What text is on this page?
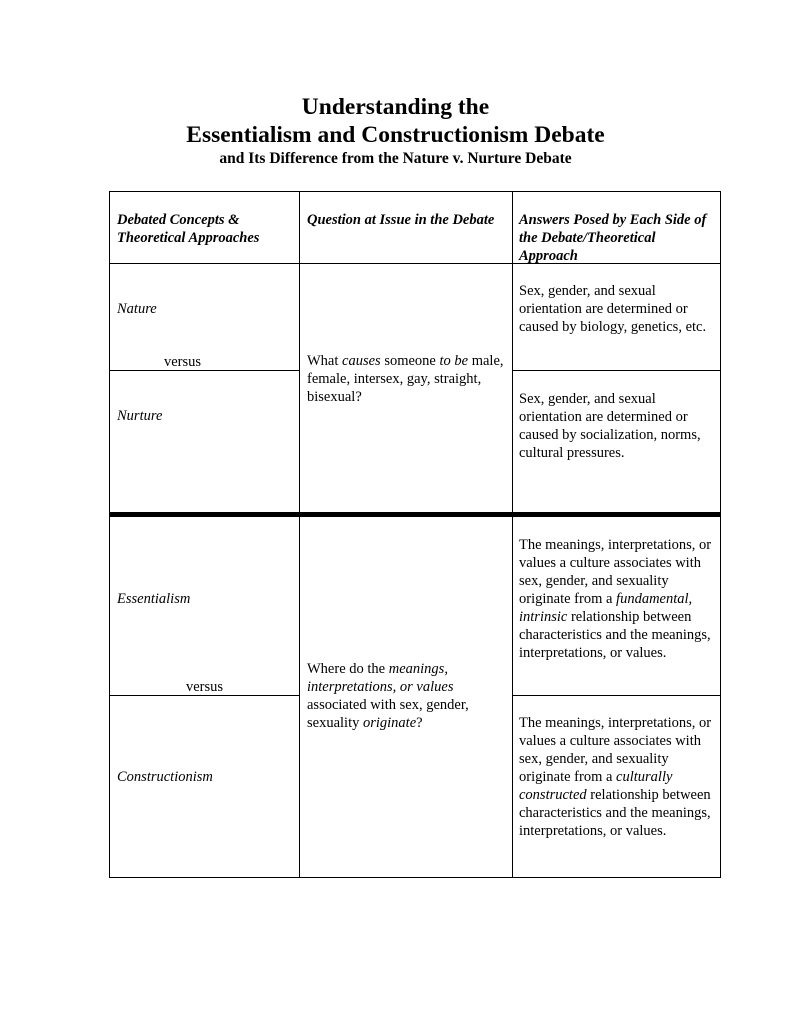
Understanding the

Essentialism and Constructionism Debate

and Its Difference from the Nature v. Nurture Debate

Debated Concepts & Theoretical Approaches
Question at Issue in the Debate	Answers Posed by Each Side of the Debate/Theoretical Approach
Nature
versus
Nurture
What causes someone to be male, female, intersex, gay, straight, bisexual?
Sex, gender, and sexual orientation are determined or caused by biology, genetics, etc.
Sex, gender, and sexual orientation are determined or caused by socialization, norms, cultural pressures.
Essentialism
versus
Constructionism
Where do the meanings, interpretations, or values associated with sex, gender, sexuality originate?
The meanings, interpretations, or values a culture associates with sex, gender, and sexuality originate from a fundamental, intrinsic relationship between characteristics and the meanings, interpretations, or values.
The meanings, interpretations, or values a culture associates with sex, gender, and sexuality originate from a culturally constructed relationship between characteristics and the meanings, interpretations, or values.
